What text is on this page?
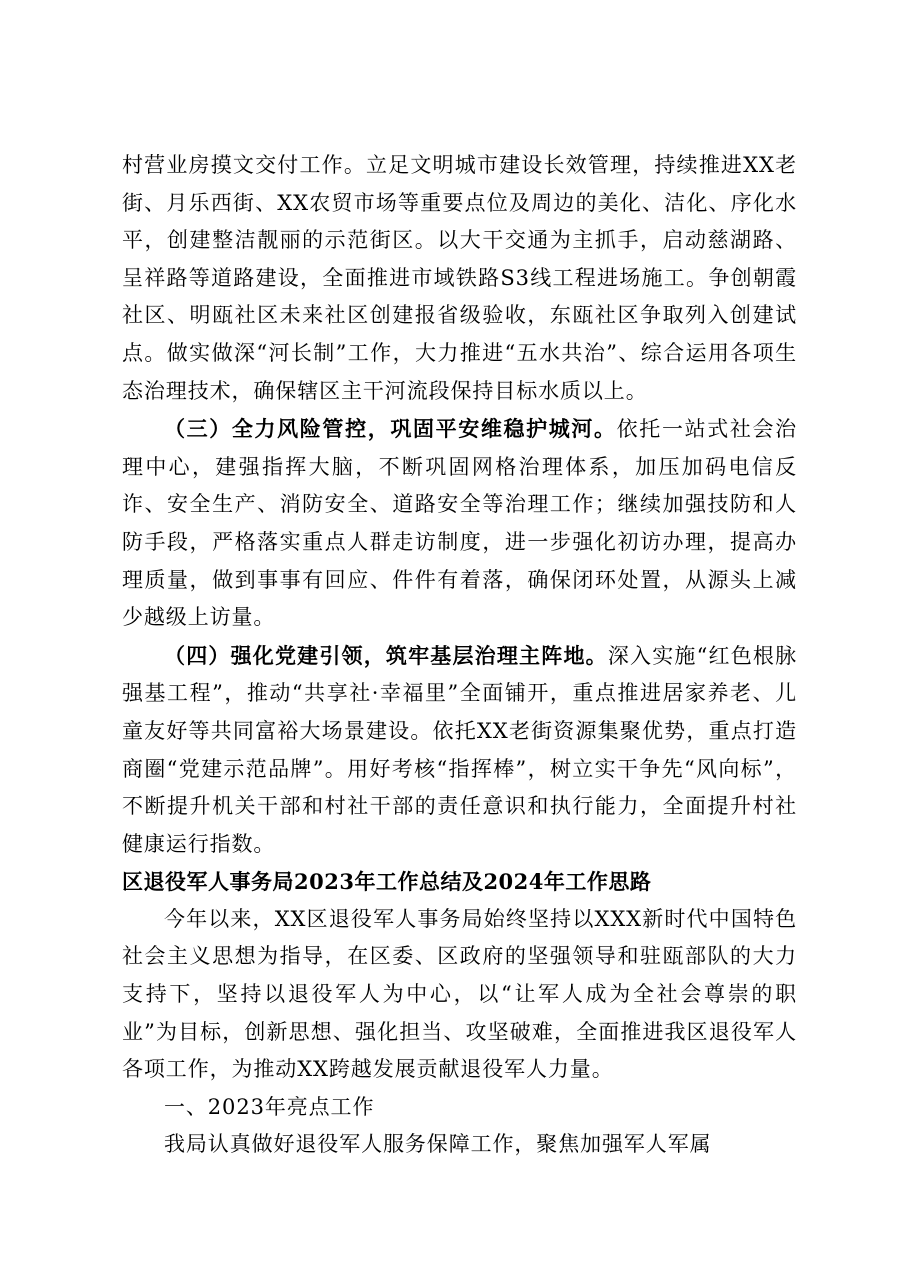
村营业房摸文交付工作。立足文明城市建设长效管理，持续推进XX老街、月乐西街、XX农贸市场等重要点位及周边的美化、洁化、序化水平，创建整洁靓丽的示范街区。以大干交通为主抓手，启动慈湖路、呈祥路等道路建设，全面推进市域铁路S3线工程进场施工。争创朝霞社区、明瓯社区未来社区创建报省级验收，东瓯社区争取列入创建试点。做实做深“河长制”工作，大力推进“五水共治”、综合运用各项生态治理技术，确保辖区主干河流段保持目标水质以上。

（三）全力风险管控，巩固平安维稳护城河。依托一站式社会治理中心，建强指挥大脑，不断巩固网格治理体系，加压加码电信反诈、安全生产、消防安全、道路安全等治理工作；继续加强技防和人防手段，严格落实重点人群走访制度，进一步强化初访办理，提高办理质量，做到事事有回应、件件有着落，确保闭环处置，从源头上减少越级上访量。

（四）强化党建引领，筑牢基层治理主阵地。深入实施“红色根脉强基工程”，推动“共享社·幸福里”全面铺开，重点推进居家养老、儿童友好等共同富裕大场景建设。依托XX老街资源集聚优势，重点打造商圈“党建示范品牌”。用好考核“指挥棒”，树立实干争先“风向标”，不断提升机关干部和村社干部的责任意识和执行能力，全面提升村社健康运行指数。

区退役军人事务局2023年工作总结及2024年工作思路

今年以来，XX区退役军人事务局始终坚持以XXX新时代中国特色社会主义思想为指导，在区委、区政府的坚强领导和驻瓯部队的大力支持下，坚持以退役军人为中心，以“让军人成为全社会尊崇的职业”为目标，创新思想、强化担当、攻坚破难，全面推进我区退役军人各项工作，为推动XX跨越发展贡献退役军人力量。

一、2023年亮点工作

我局认真做好退役军人服务保障工作，聚焦加强军人军属
